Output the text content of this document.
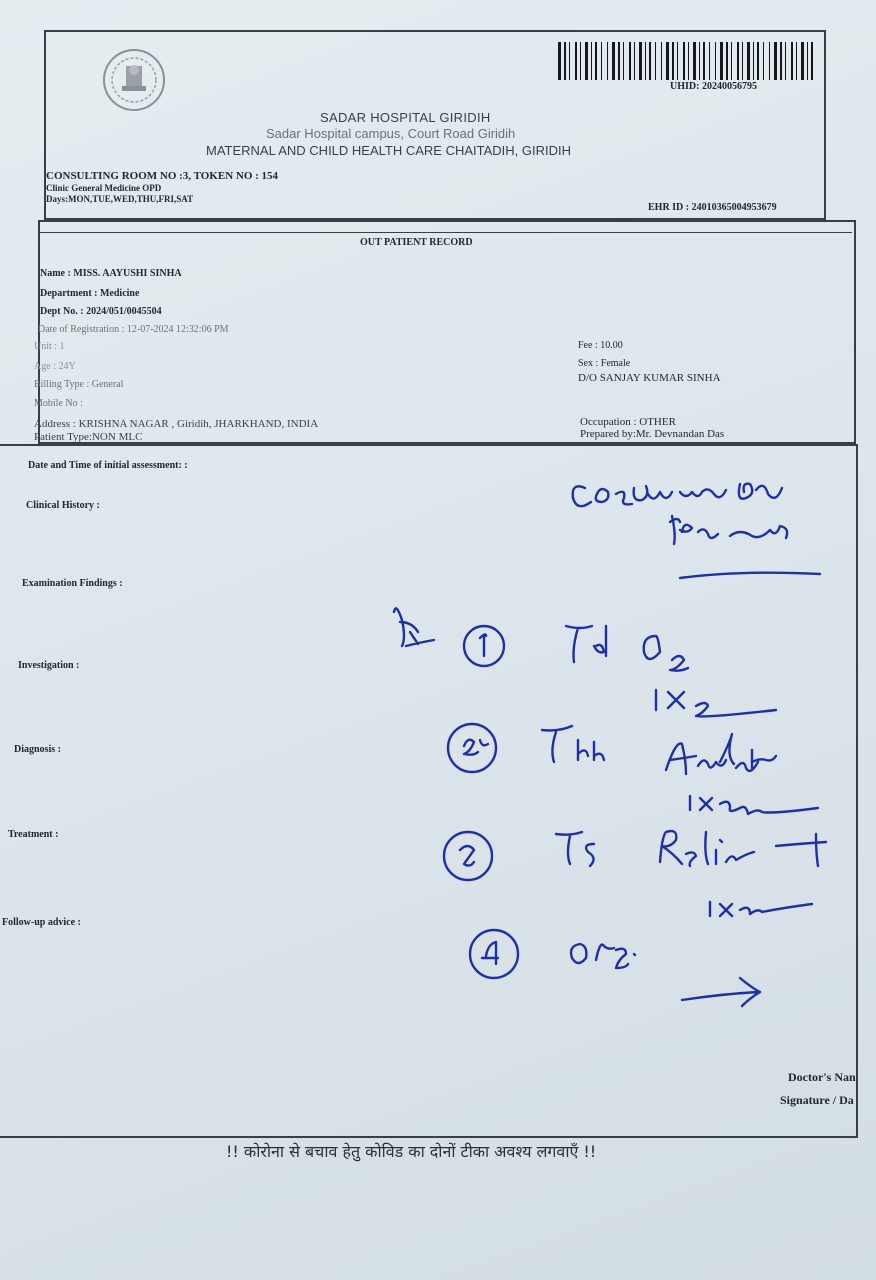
UHID: 20240056795
SADAR HOSPITAL GIRIDIH
Sadar Hospital campus, Court Road Giridih
MATERNAL AND CHILD HEALTH CARE CHAITADIH, GIRIDIH
CONSULTING ROOM NO :3, TOKEN NO : 154
Clinic General Medicine OPD
Days:MON,TUE,WED,THU,FRI,SAT
EHR ID : 24010365004953679
OUT PATIENT RECORD
Name : MISS. AAYUSHI SINHA
Department : Medicine
Dept No. : 2024/051/0045504
Date of Registration : 12-07-2024 12:32:06 PM
Unit : 1
Age : 24Y
Billing Type : General
Mobile No :
Address : KRISHNA NAGAR , Giridih, JHARKHAND, INDIA
Patient Type:NON MLC
Fee : 10.00
Sex : Female
D/O SANJAY KUMAR SINHA
Occupation : OTHER
Prepared by:Mr. Devnandan Das
Date and Time of initial assessment: :
Clinical History :
Examination Findings :
Investigation :
Diagnosis :
Treatment :
Follow-up advice :
Doctor's Nan
Signature / Da
!! कोरोना से बचाव हेतु कोविड का दोनों टीका अवश्य लगवाएँ !!
